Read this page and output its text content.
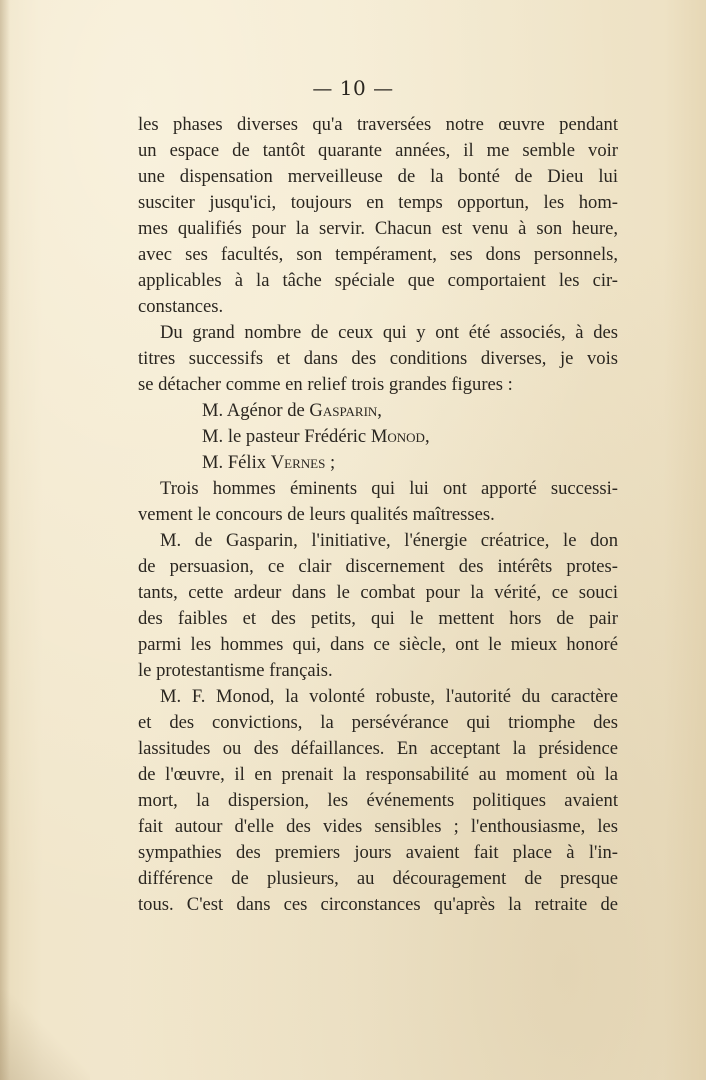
— 10 —
les phases diverses qu'a traversées notre œuvre pendant
un espace de tantôt quarante années, il me semble voir
une dispensation merveilleuse de la bonté de Dieu lui
susciter jusqu'ici, toujours en temps opportun, les hom-
mes qualifiés pour la servir. Chacun est venu à son heure,
avec ses facultés, son tempérament, ses dons personnels,
applicables à la tâche spéciale que comportaient les cir-
constances.
Du grand nombre de ceux qui y ont été associés, à des
titres successifs et dans des conditions diverses, je vois
se détacher comme en relief trois grandes figures :
M. Agénor de Gasparin,
M. le pasteur Frédéric Monod,
M. Félix Vernes ;
Trois hommes éminents qui lui ont apporté successi-
vement le concours de leurs qualités maîtresses.
M. de Gasparin, l'initiative, l'énergie créatrice, le don
de persuasion, ce clair discernement des intérêts protes-
tants, cette ardeur dans le combat pour la vérité, ce souci
des faibles et des petits, qui le mettent hors de pair
parmi les hommes qui, dans ce siècle, ont le mieux honoré
le protestantisme français.
M. F. Monod, la volonté robuste, l'autorité du caractère
et des convictions, la persévérance qui triomphe des
lassitudes ou des défaillances. En acceptant la présidence
de l'œuvre, il en prenait la responsabilité au moment où la
mort, la dispersion, les événements politiques avaient
fait autour d'elle des vides sensibles ; l'enthousiasme, les
sympathies des premiers jours avaient fait place à l'in-
différence de plusieurs, au découragement de presque
tous. C'est dans ces circonstances qu'après la retraite de
